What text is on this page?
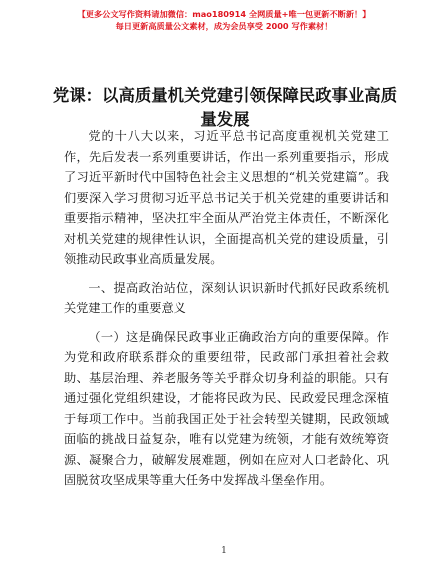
【更多公文写作资料请加微信：mao180914 全网质量+唯一包更新不断新！】
每日更新高质量公文素材，成为会员享受 2000 写作素材！
党课：以高质量机关党建引领保障民政事业高质量发展

党的十八大以来，习近平总书记高度重视机关党建工作，先后发表一系列重要讲话，作出一系列重要指示，形成了习近平新时代中国特色社会主义思想的“机关党建篇”。我们要深入学习贯彻习近平总书记关于机关党建的重要讲话和重要指示精神，坚决扛牢全面从严治党主体责任，不断深化对机关党建的规律性认识，全面提高机关党的建设质量，引领推动民政事业高质量发展。

一、提高政治站位，深刻认识识新时代抓好民政系统机关党建工作的重要意义

（一）这是确保民政事业正确政治方向的重要保障。作为党和政府联系群众的重要纽带，民政部门承担着社会救助、基层治理、养老服务等关乎群众切身利益的职能。只有通过强化党组织建设，才能将民政为民、民政爱民理念深植于每项工作中。当前我国正处于社会转型关键期，民政领域面临的挑战日益复杂，唯有以党建为统领，才能有效统筹资源、凝聚合力，破解发展难题，例如在应对人口老龄化、巩固脱贫攻坚成果等重大任务中发挥战斗堡垒作用。

1
